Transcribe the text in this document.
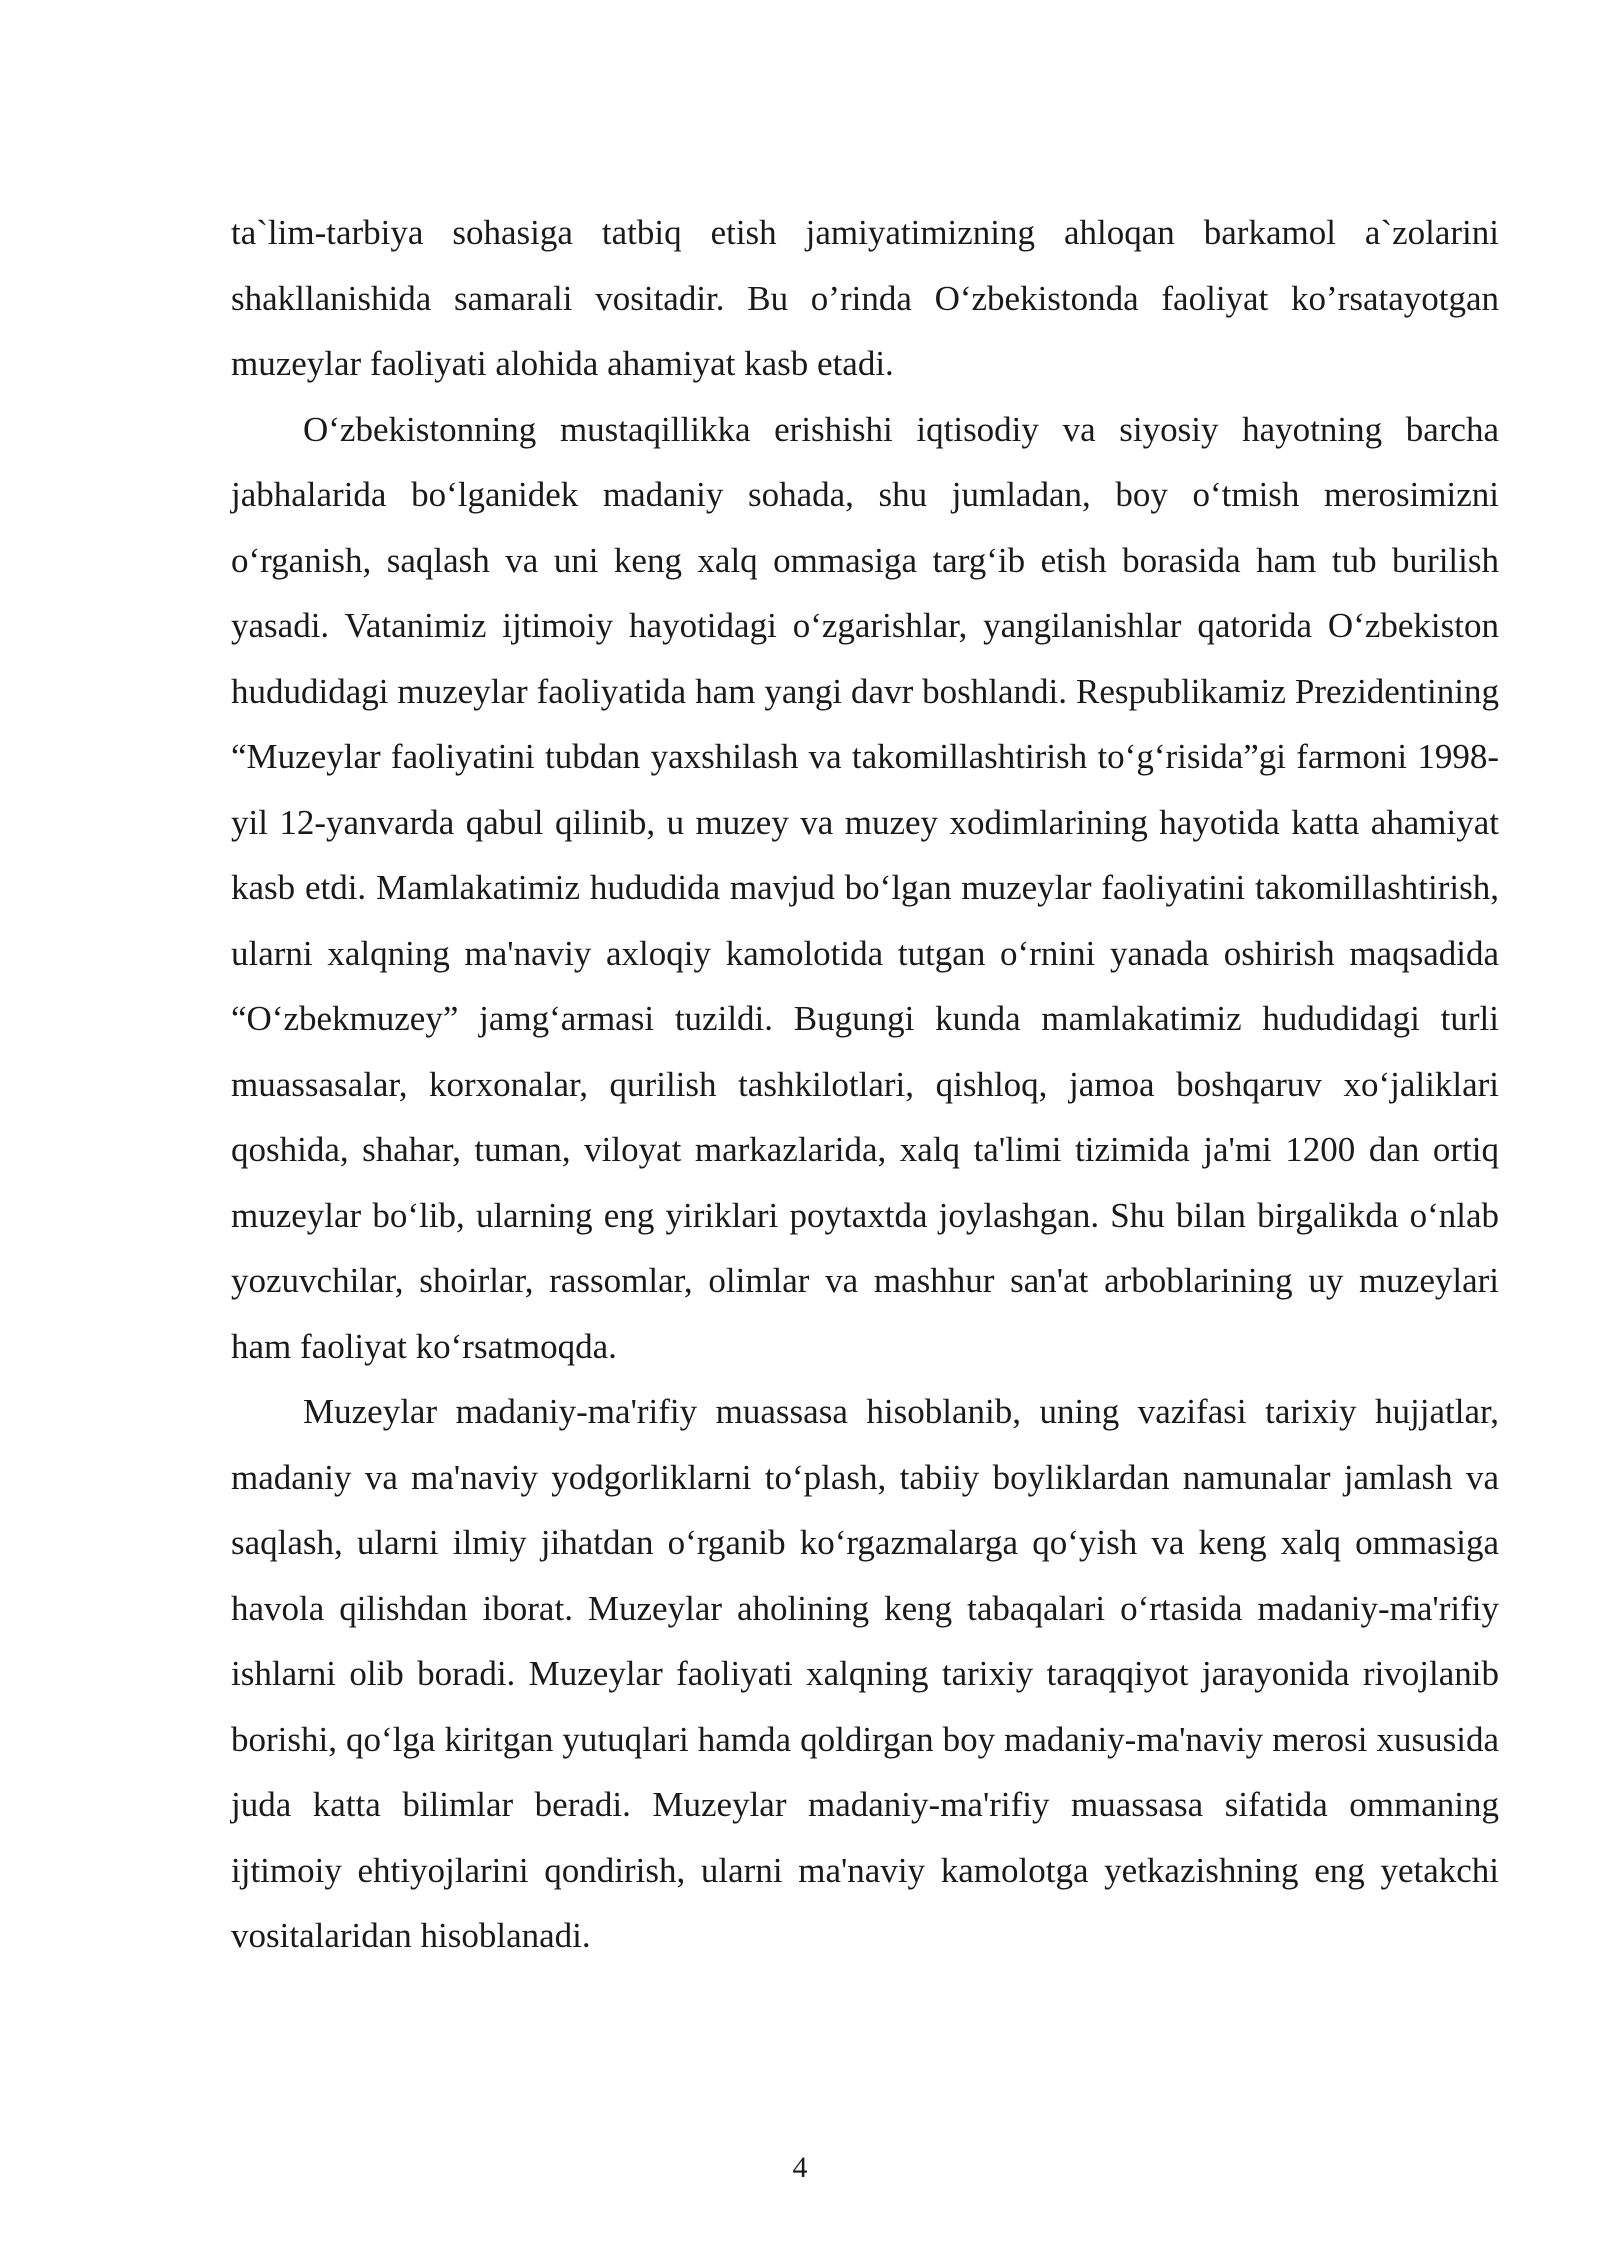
ta`lim-tarbiya sohasiga tatbiq etish jamiyatimizning ahloqan barkamol a`zolarini shakllanishida samarali vositadir. Bu o’rinda O‘zbekistonda faoliyat ko’rsatayotgan muzeylar faoliyati alohida ahamiyat kasb etadi.

O‘zbekistonning mustaqillikka erishishi iqtisodiy va siyosiy hayotning barcha jabhalarida bo‘lganidek madaniy sohada, shu jumladan, boy o‘tmish merosimizni o‘rganish, saqlash va uni keng xalq ommasiga targ‘ib etish borasida ham tub burilish yasadi. Vatanimiz ijtimoiy hayotidagi o‘zgarishlar, yangilanishlar qatorida O‘zbekiston hududidagi muzeylar faoliyatida ham yangi davr boshlandi. Respublikamiz Prezidentining “Muzeylar faoliyatini tubdan yaxshilash va takomillashtirish to‘g‘risida”gi farmoni 1998-yil 12-yanvarda qabul qilinib, u muzey va muzey xodimlarining hayotida katta ahamiyat kasb etdi. Mamlakatimiz hududida mavjud bo‘lgan muzeylar faoliyatini takomillashtirish, ularni xalqning ma'naviy axloqiy kamolotida tutgan o‘rnini yanada oshirish maqsadida “O‘zbekmuzey” jamg‘armasi tuzildi. Bugungi kunda mamlakatimiz hududidagi turli muassasalar, korxonalar, qurilish tashkilotlari, qishloq, jamoa boshqaruv xo‘jaliklari qoshida, shahar, tuman, viloyat markazlarida, xalq ta'limi tizimida ja'mi 1200 dan ortiq muzeylar bo‘lib, ularning eng yiriklari poytaxtda joylashgan. Shu bilan birgalikda o‘nlab yozuvchilar, shoirlar, rassomlar, olimlar va mashhur san'at arboblarining uy muzeylari ham faoliyat ko‘rsatmoqda.

Muzeylar madaniy-ma'rifiy muassasa hisoblanib, uning vazifasi tarixiy hujjatlar, madaniy va ma'naviy yodgorliklarni to‘plash, tabiiy boyliklardan namunalar jamlash va saqlash, ularni ilmiy jihatdan o‘rganib ko‘rgazmalarga qo‘yish va keng xalq ommasiga havola qilishdan iborat. Muzeylar aholining keng tabaqalari o‘rtasida madaniy-ma'rifiy ishlarni olib boradi. Muzeylar faoliyati xalqning tarixiy taraqqiyot jarayonida rivojlanib borishi, qo‘lga kiritgan yutuqlari hamda qoldirgan boy madaniy-ma'naviy merosi xususida juda katta bilimlar beradi. Muzeylar madaniy-ma'rifiy muassasa sifatida ommaning ijtimoiy ehtiyojlarini qondirish, ularni ma'naviy kamolotga yetkazishning eng yetakchi vositalaridan hisoblanadi.

4
